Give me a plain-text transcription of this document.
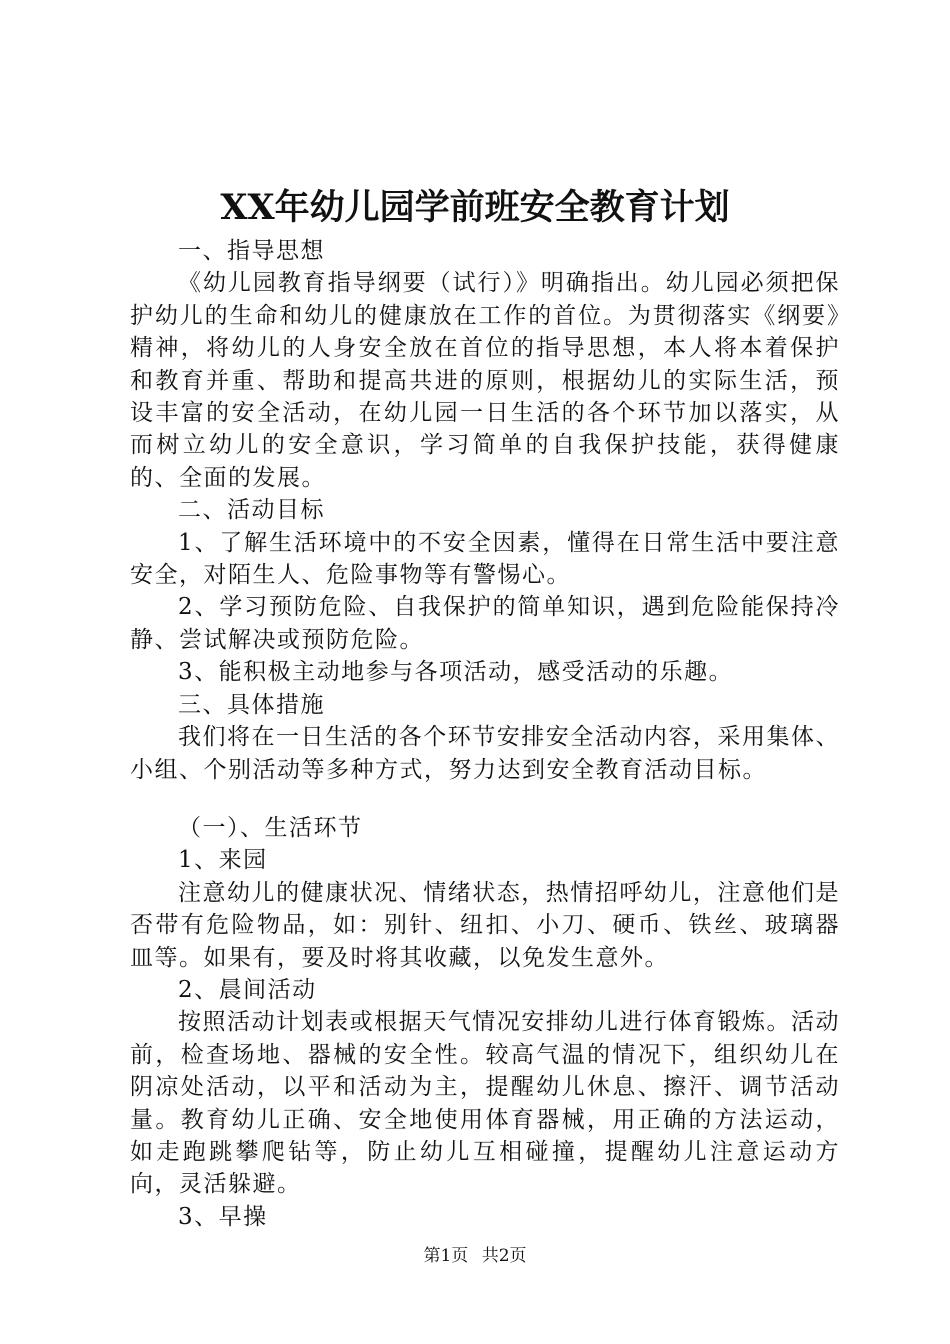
XX年幼儿园学前班安全教育计划

一、指导思想

《幼儿园教育指导纲要（试行）》明确指出。幼儿园必须把保护幼儿的生命和幼儿的健康放在工作的首位。为贯彻落实《纲要》精神，将幼儿的人身安全放在首位的指导思想，本人将本着保护和教育并重、帮助和提高共进的原则，根据幼儿的实际生活，预设丰富的安全活动，在幼儿园一日生活的各个环节加以落实，从而树立幼儿的安全意识，学习简单的自我保护技能，获得健康的、全面的发展。

二、活动目标

1、了解生活环境中的不安全因素，懂得在日常生活中要注意安全，对陌生人、危险事物等有警惕心。

2、学习预防危险、自我保护的简单知识，遇到危险能保持冷静、尝试解决或预防危险。

3、能积极主动地参与各项活动，感受活动的乐趣。

三、具体措施

我们将在一日生活的各个环节安排安全活动内容，采用集体、小组、个别活动等多种方式，努力达到安全教育活动目标。

（一）、生活环节

1、来园

注意幼儿的健康状况、情绪状态，热情招呼幼儿，注意他们是否带有危险物品，如：别针、纽扣、小刀、硬币、铁丝、玻璃器皿等。如果有，要及时将其收藏，以免发生意外。

2、晨间活动

按照活动计划表或根据天气情况安排幼儿进行体育锻炼。活动前，检查场地、器械的安全性。较高气温的情况下，组织幼儿在阴凉处活动，以平和活动为主，提醒幼儿休息、擦汗、调节活动量。教育幼儿正确、安全地使用体育器械，用正确的方法运动，如走跑跳攀爬钻等，防止幼儿互相碰撞，提醒幼儿注意运动方向，灵活躲避。

3、早操

第1页 共2页
